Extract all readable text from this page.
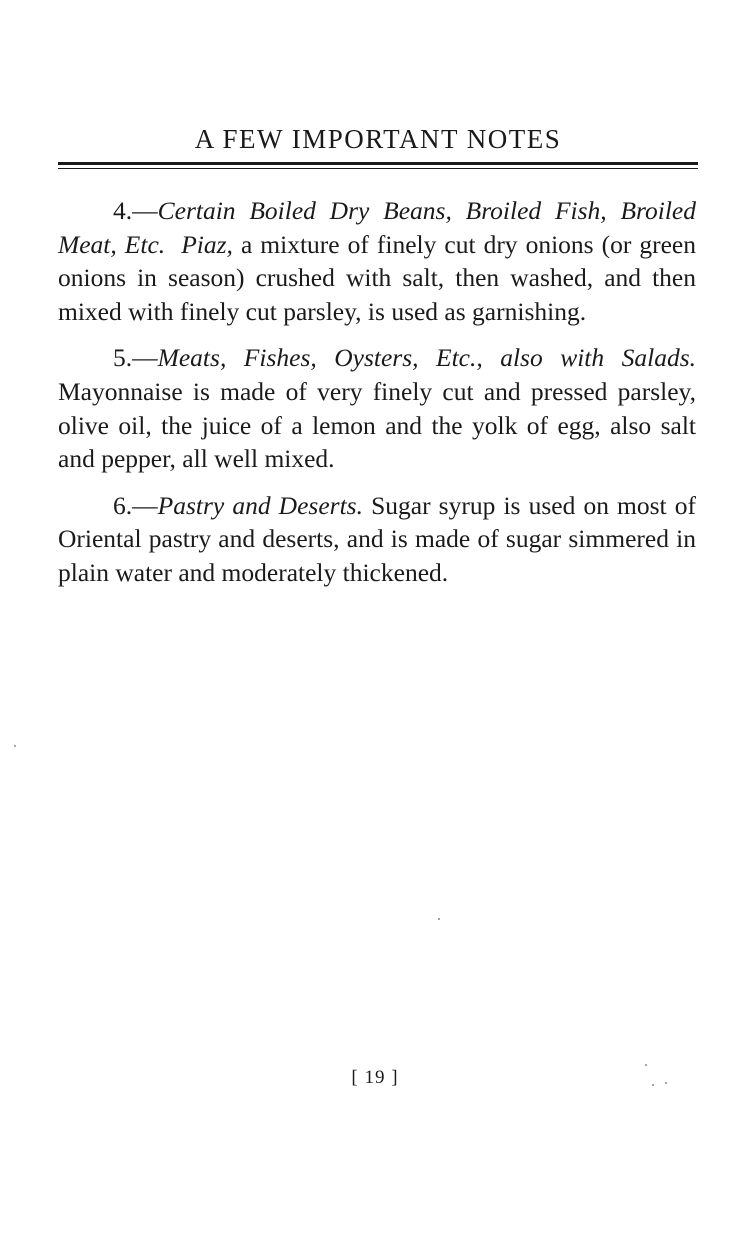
A FEW IMPORTANT NOTES

4.—Certain Boiled Dry Beans, Broiled Fish, Broiled Meat, Etc. Piaz, a mixture of finely cut dry onions (or green onions in season) crushed with salt, then washed, and then mixed with finely cut parsley, is used as garnishing.

5.—Meats, Fishes, Oysters, Etc., also with Salads. Mayonnaise is made of very finely cut and pressed parsley, olive oil, the juice of a lemon and the yolk of egg, also salt and pepper, all well mixed.

6.—Pastry and Deserts. Sugar syrup is used on most of Oriental pastry and deserts, and is made of sugar simmered in plain water and moderately thickened.

[ 19 ]
